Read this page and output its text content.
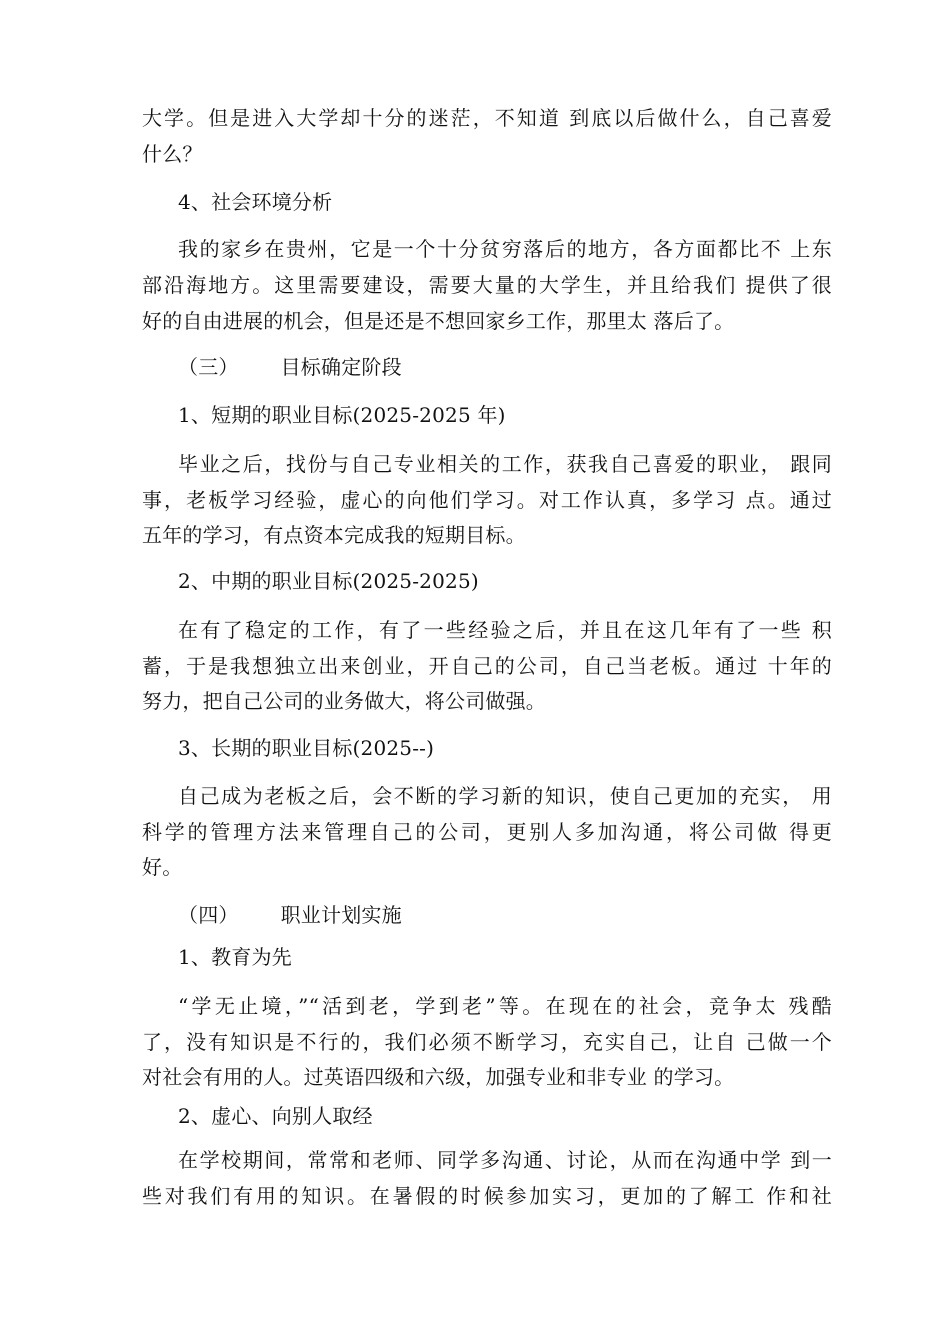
大学。但是进入大学却十分的迷茫，不知道 到底以后做什么，自己喜爱
什么？
4、社会环境分析
我的家乡在贵州，它是一个十分贫穷落后的地方，各方面都比不 上东
部沿海地方。这里需要建设，需要大量的大学生，并且给我们 提供了很
好的自由进展的机会，但是还是不想回家乡工作，那里太 落后了。
（三） 目标确定阶段
1、短期的职业目标(2025-2025 年)
毕业之后，找份与自己专业相关的工作，获我自己喜爱的职业， 跟同
事，老板学习经验，虚心的向他们学习。对工作认真，多学习 点。通过
五年的学习，有点资本完成我的短期目标。
2、中期的职业目标(2025-2025)
在有了稳定的工作，有了一些经验之后，并且在这几年有了一些 积
蓄，于是我想独立出来创业，开自己的公司，自己当老板。通过 十年的
努力，把自己公司的业务做大，将公司做强。
3、长期的职业目标(2025--)
自己成为老板之后，会不断的学习新的知识，使自己更加的充实， 用
科学的管理方法来管理自己的公司，更别人多加沟通，将公司做 得更
好。
（四） 职业计划实施
1、教育为先
“学无止境，”“活到老，学到老”等。在现在的社会，竞争太 残酷
了，没有知识是不行的，我们必须不断学习，充实自己，让自 己做一个
对社会有用的人。过英语四级和六级，加强专业和非专业 的学习。
2、虚心、向别人取经
在学校期间，常常和老师、同学多沟通、讨论，从而在沟通中学 到一
些对我们有用的知识。在暑假的时候参加实习，更加的了解工 作和社
